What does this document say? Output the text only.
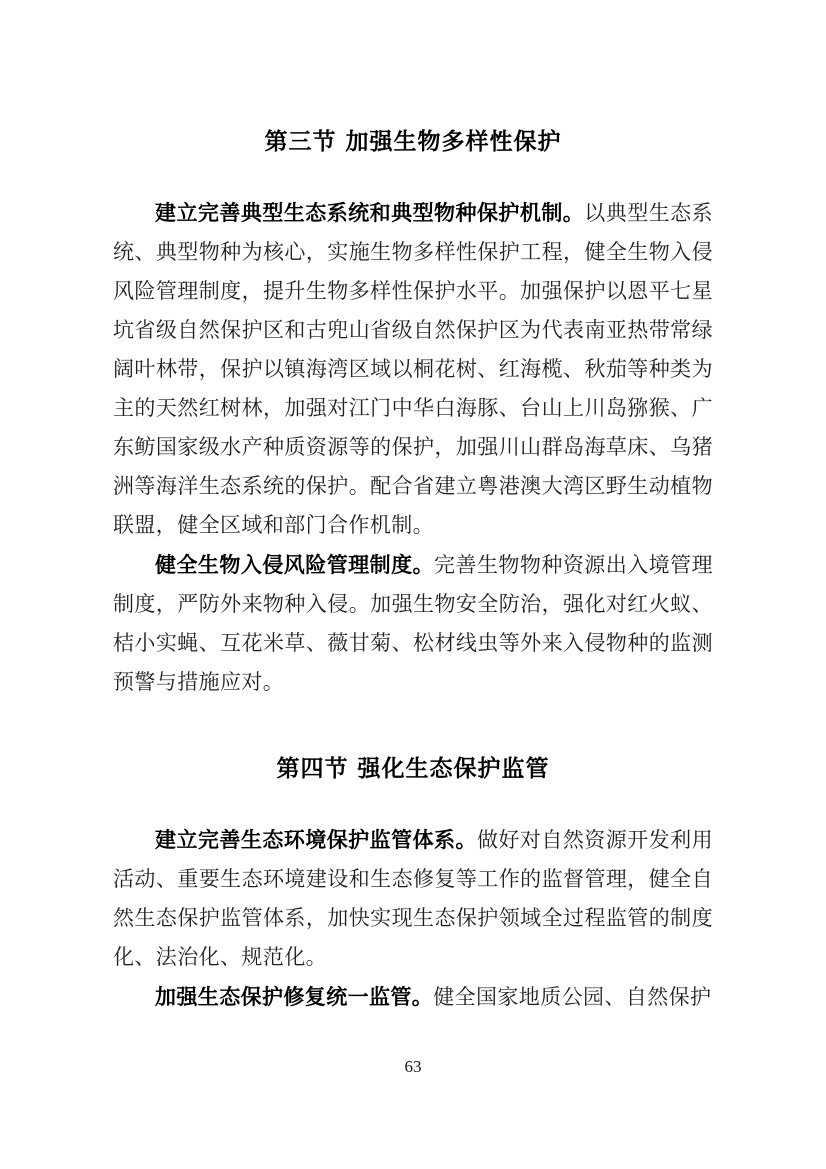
第三节 加强生物多样性保护

建立完善典型生态系统和典型物种保护机制。以典型生态系统、典型物种为核心，实施生物多样性保护工程，健全生物入侵风险管理制度，提升生物多样性保护水平。加强保护以恩平七星坑省级自然保护区和古兜山省级自然保护区为代表南亚热带常绿阔叶林带，保护以镇海湾区域以桐花树、红海榄、秋茄等种类为主的天然红树林，加强对江门中华白海豚、台山上川岛猕猴、广东鲂国家级水产种质资源等的保护，加强川山群岛海草床、乌猪洲等海洋生态系统的保护。配合省建立粤港澳大湾区野生动植物联盟，健全区域和部门合作机制。

健全生物入侵风险管理制度。完善生物物种资源出入境管理制度，严防外来物种入侵。加强生物安全防治，强化对红火蚁、桔小实蝇、互花米草、薇甘菊、松材线虫等外来入侵物种的监测预警与措施应对。

第四节 强化生态保护监管

建立完善生态环境保护监管体系。做好对自然资源开发利用活动、重要生态环境建设和生态修复等工作的监督管理，健全自然生态保护监管体系，加快实现生态保护领域全过程监管的制度化、法治化、规范化。

加强生态保护修复统一监管。健全国家地质公园、自然保护

63
